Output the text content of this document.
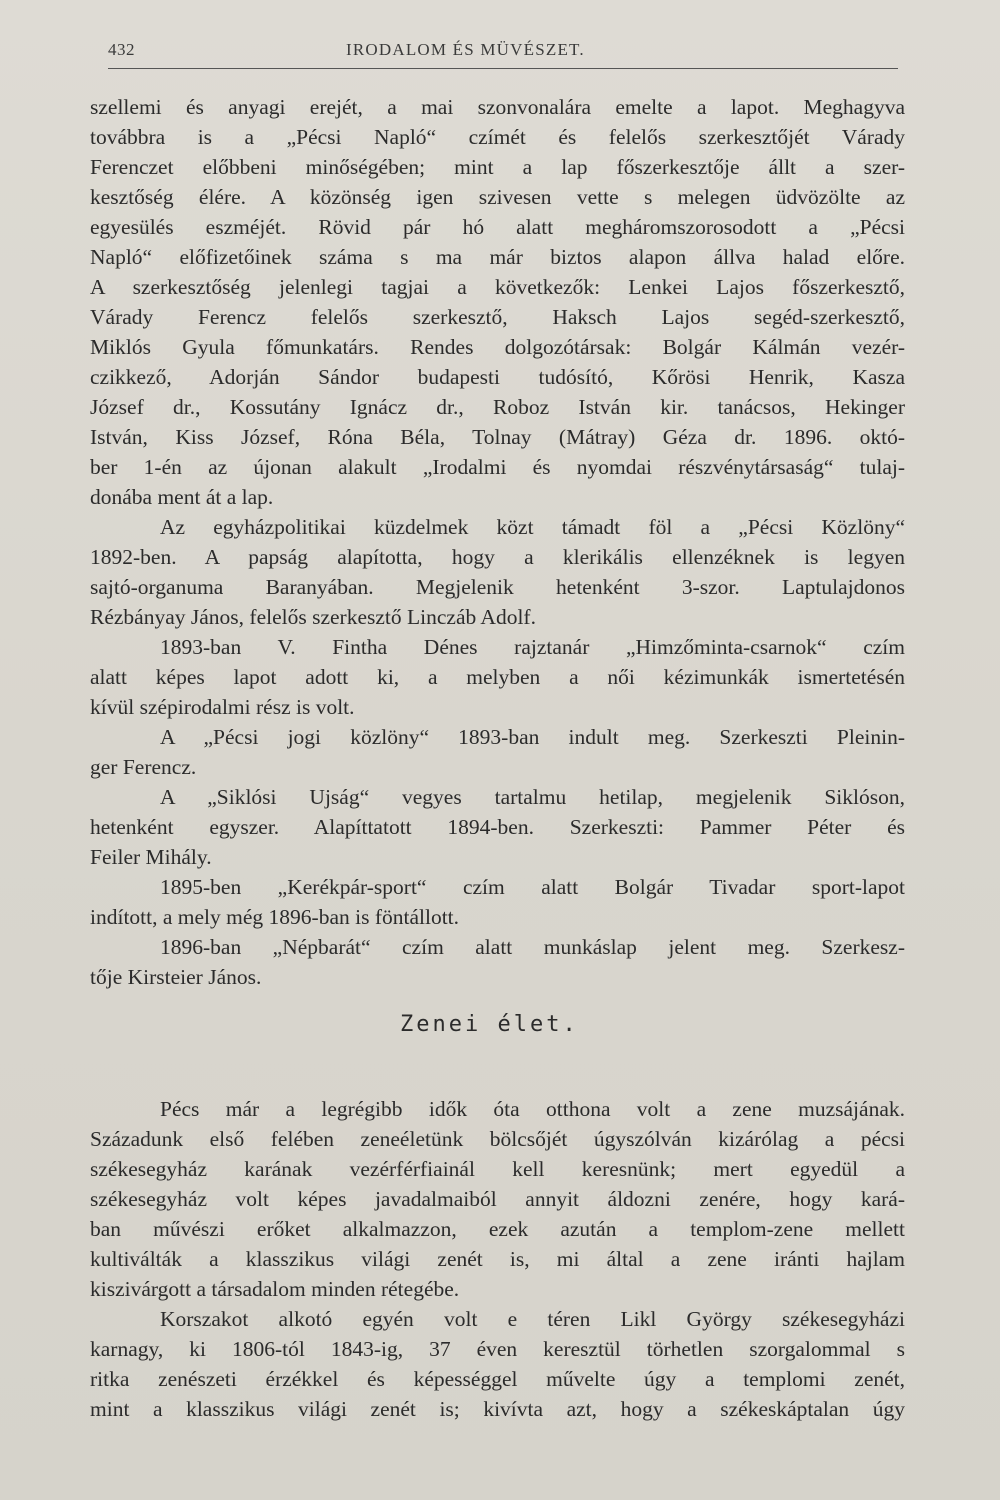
432	IRODALOM ÉS MÜVÉSZET.
szellemi és anyagi erejét, a mai szonvonalára emelte a lapot. Meghagyva
továbbra is a „Pécsi Napló“ czímét és felelős szerkesztőjét Várady
Ferenczet előbbeni minőségében; mint a lap főszerkesztője állt a szer-
kesztőség élére. A közönség igen szivesen vette s melegen üdvözölte az
egyesülés eszméjét. Rövid pár hó alatt megháromszorosodott a „Pécsi
Napló“ előfizetőinek száma s ma már biztos alapon állva halad előre.
A szerkesztőség jelenlegi tagjai a következők: Lenkei Lajos főszerkesztő,
Várady Ferencz felelős szerkesztő, Haksch Lajos segéd-szerkesztő,
Miklós Gyula főmunkatárs. Rendes dolgozótársak: Bolgár Kálmán vezér-
czikkező, Adorján Sándor budapesti tudósító, Kőrösi Henrik, Kasza
József dr., Kossutány Ignácz dr., Roboz István kir. tanácsos, Hekinger
István, Kiss József, Róna Béla, Tolnay (Mátray) Géza dr. 1896. októ-
ber 1-én az újonan alakult „Irodalmi és nyomdai részvénytársaság“ tulaj-
donába ment át a lap.
Az egyházpolitikai küzdelmek közt támadt föl a „Pécsi Közlöny“
1892-ben. A papság alapította, hogy a klerikális ellenzéknek is legyen
sajtó-organuma Baranyában. Megjelenik hetenként 3-szor. Laptulajdonos
Rézbányay János, felelős szerkesztő Linczáb Adolf.
1893-ban V. Fintha Dénes rajztanár „Himzőminta-csarnok“ czím
alatt képes lapot adott ki, a melyben a női kézimunkák ismertetésén
kívül szépirodalmi rész is volt.
A „Pécsi jogi közlöny“ 1893-ban indult meg. Szerkeszti Pleinin-
ger Ferencz.
A „Siklósi Ujság“ vegyes tartalmu hetilap, megjelenik Siklóson,
hetenként egyszer. Alapíttatott 1894-ben. Szerkeszti: Pammer Péter és
Feiler Mihály.
1895-ben „Kerékpár-sport“ czím alatt Bolgár Tivadar sport-lapot
indított, a mely még 1896-ban is föntállott.
1896-ban „Népbarát“ czím alatt munkáslap jelent meg. Szerkesz-
tője Kirsteier János.
Zenei élet.
Pécs már a legrégibb idők óta otthona volt a zene muzsájának.
Századunk első felében zeneéletünk bölcsőjét úgyszólván kizárólag a pécsi
székesegyház karának vezérférfiainál kell keresnünk; mert egyedül a
székesegyház volt képes javadalmaiból annyit áldozni zenére, hogy kará-
ban művészi erőket alkalmazzon, ezek azután a templom-zene mellett
kultiválták a klasszikus világi zenét is, mi által a zene iránti hajlam
kiszivárgott a társadalom minden rétegébe.
Korszakot alkotó egyén volt e téren Likl György székesegyházi
karnagy, ki 1806-tól 1843-ig, 37 éven keresztül törhetlen szorgalommal s
ritka zenészeti érzékkel és képességgel művelte úgy a templomi zenét,
mint a klasszikus világi zenét is; kivívta azt, hogy a székeskáptalan úgy
